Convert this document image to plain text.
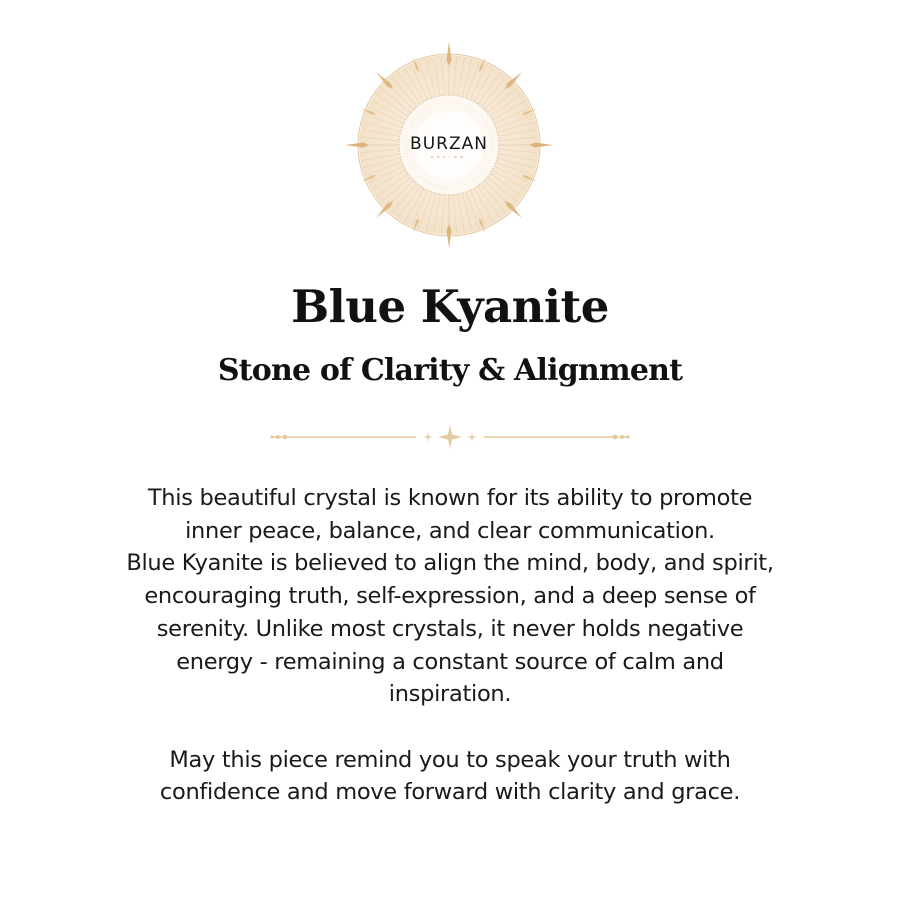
BURZAN
DESIGN
Blue Kyanite
Stone of Clarity & Alignment
This beautiful crystal is known for its ability to promote
inner peace, balance, and clear communication.
Blue Kyanite is believed to align the mind, body, and spirit,
encouraging truth, self-expression, and a deep sense of
serenity. Unlike most crystals, it never holds negative
energy - remaining a constant source of calm and
inspiration.
May this piece remind you to speak your truth with
confidence and move forward with clarity and grace.
